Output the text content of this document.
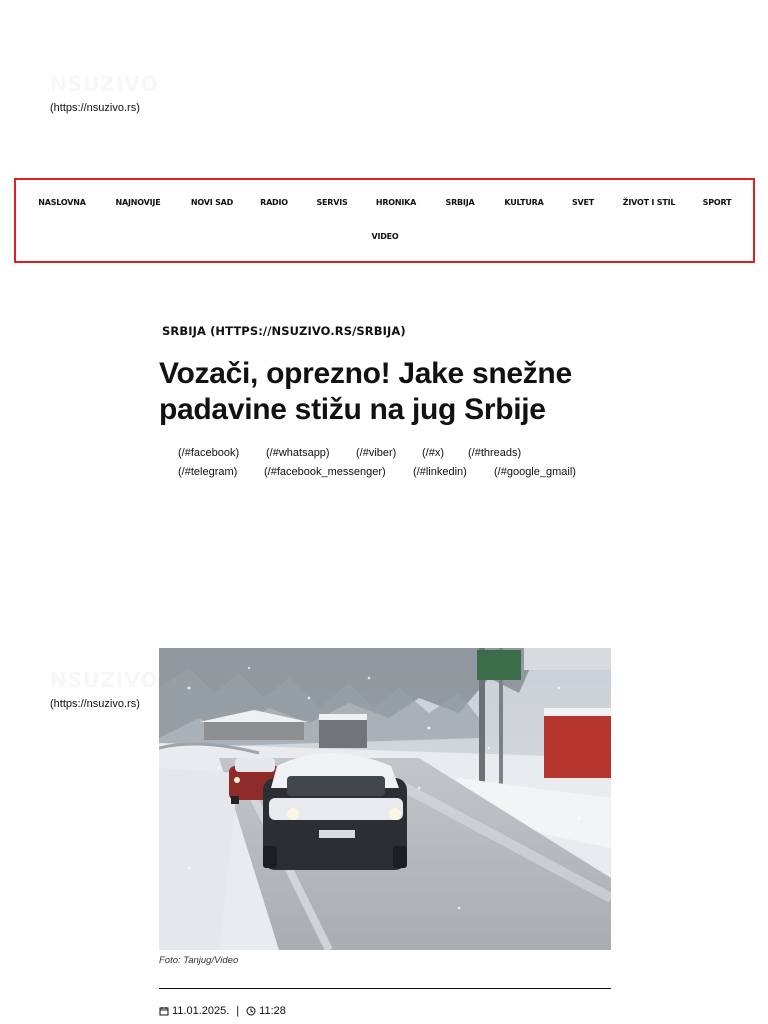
NSUZIVO
(https://nsuzivo.rs)
NASLOVNA	NAJNOVIJE	NOVI SAD	RADIO	SERVIS	HRONIKA	SRBIJA	KULTURA	SVET	ŽIVOT I STIL	SPORT
VIDEO
SRBIJA (HTTPS://NSUZIVO.RS/SRBIJA)
Vozači, oprezno! Jake snežne padavine stižu na jug Srbije
(/#facebook) (/#whatsapp) (/#viber) (/#x) (/#threads)
(/#telegram) (/#facebook_messenger) (/#linkedin) (/#google_gmail)
NSUZIVO
(https://nsuzivo.rs)
Foto: Tanjug/Video
11.01.2025. | 11:28
